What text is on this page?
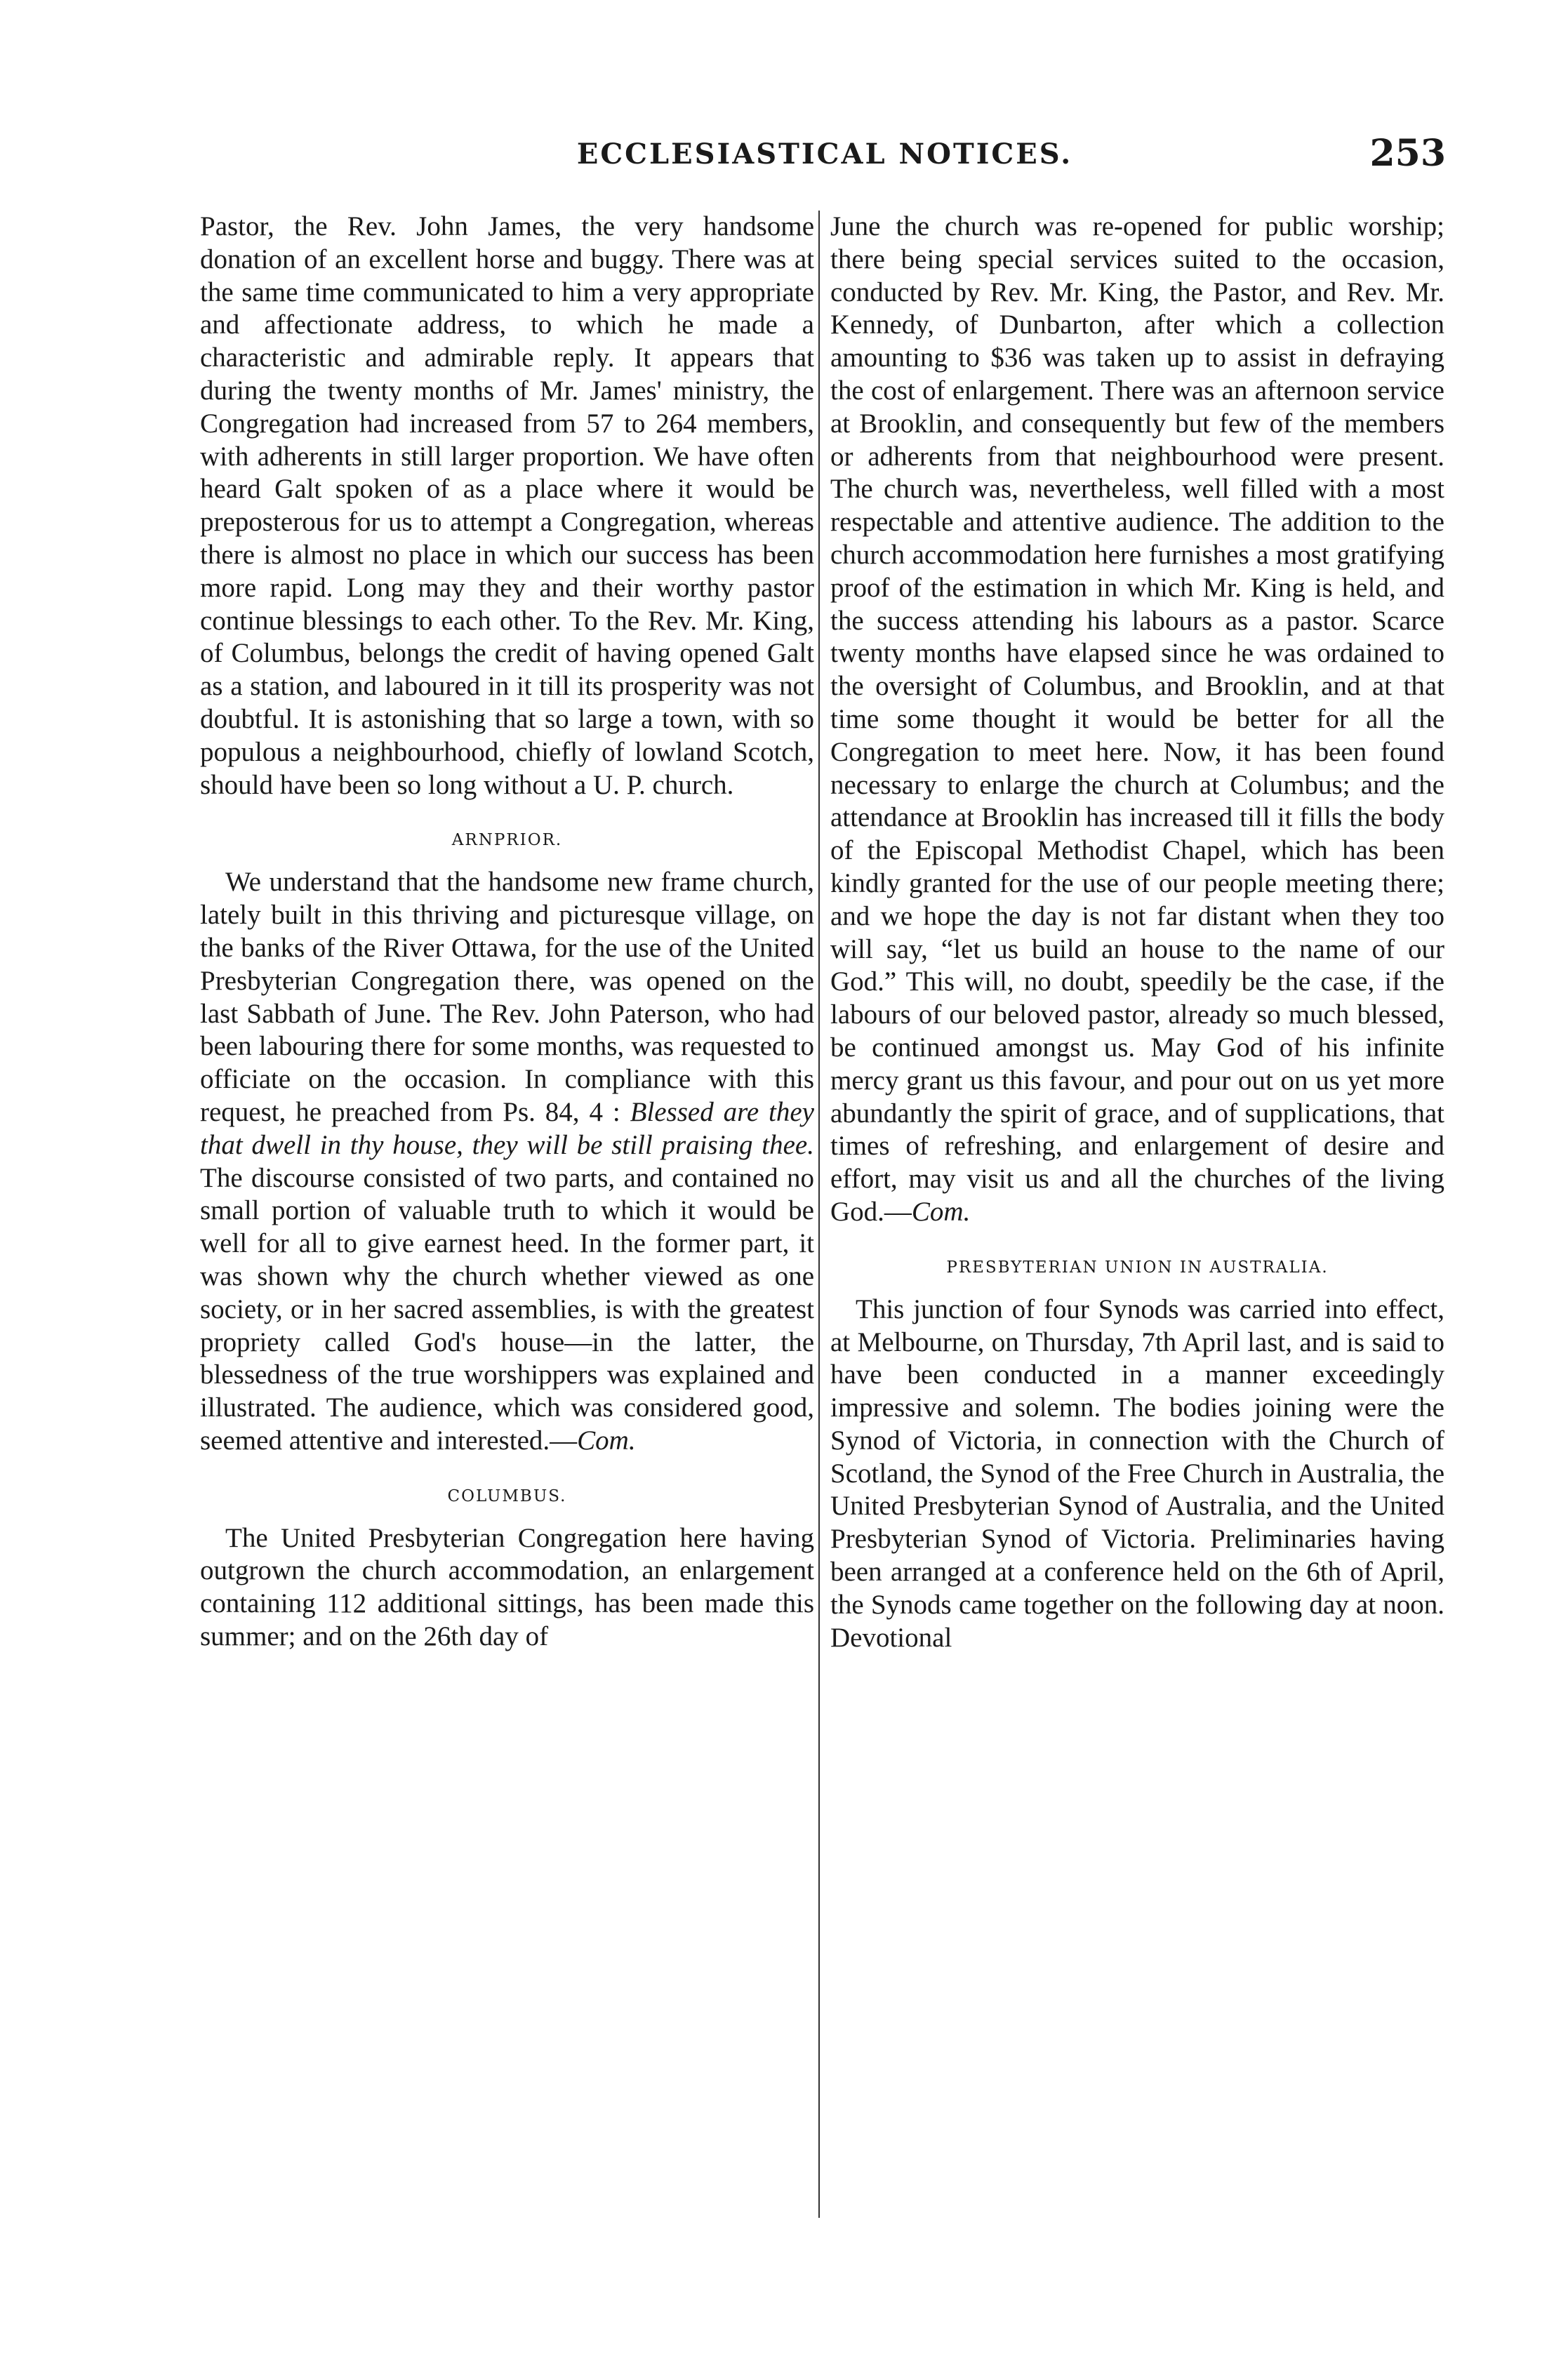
ECCLESIASTICAL NOTICES.	253

Pastor, the Rev. John James, the very handsome donation of an excellent horse and buggy. There was at the same time communicated to him a very appropriate and affectionate address, to which he made a characteristic and admirable reply. It appears that during the twenty months of Mr. James' ministry, the Congregation had increased from 57 to 264 members, with adherents in still larger proportion. We have often heard Galt spoken of as a place where it would be preposterous for us to attempt a Congregation, whereas there is almost no place in which our success has been more rapid. Long may they and their worthy pastor continue blessings to each other. To the Rev. Mr. King, of Columbus, belongs the credit of having opened Galt as a station, and laboured in it till its prosperity was not doubtful. It is astonishing that so large a town, with so populous a neighbourhood, chiefly of lowland Scotch, should have been so long without a U. P. church.

ARNPRIOR.

We understand that the handsome new frame church, lately built in this thriving and picturesque village, on the banks of the River Ottawa, for the use of the United Presbyterian Congregation there, was opened on the last Sabbath of June. The Rev. John Paterson, who had been labouring there for some months, was requested to officiate on the occasion. In compliance with this request, he preached from Ps. 84, 4 : Blessed are they that dwell in thy house, they will be still praising thee. The discourse consisted of two parts, and contained no small portion of valuable truth to which it would be well for all to give earnest heed. In the former part, it was shown why the church whether viewed as one society, or in her sacred assemblies, is with the greatest propriety called God's house—in the latter, the blessedness of the true worshippers was explained and illustrated. The audience, which was considered good, seemed attentive and interested.—Com.

COLUMBUS.

The United Presbyterian Congregation here having outgrown the church accommodation, an enlargement containing 112 additional sittings, has been made this summer; and on the 26th day of

June the church was re-opened for public worship; there being special services suited to the occasion, conducted by Rev. Mr. King, the Pastor, and Rev. Mr. Kennedy, of Dunbarton, after which a collection amounting to $36 was taken up to assist in defraying the cost of enlargement. There was an afternoon service at Brooklin, and consequently but few of the members or adherents from that neighbourhood were present. The church was, nevertheless, well filled with a most respectable and attentive audience. The addition to the church accommodation here furnishes a most gratifying proof of the estimation in which Mr. King is held, and the success attending his labours as a pastor. Scarce twenty months have elapsed since he was ordained to the oversight of Columbus, and Brooklin, and at that time some thought it would be better for all the Congregation to meet here. Now, it has been found necessary to enlarge the church at Columbus; and the attendance at Brooklin has increased till it fills the body of the Episcopal Methodist Chapel, which has been kindly granted for the use of our people meeting there; and we hope the day is not far distant when they too will say, “let us build an house to the name of our God.” This will, no doubt, speedily be the case, if the labours of our beloved pastor, already so much blessed, be continued amongst us. May God of his infinite mercy grant us this favour, and pour out on us yet more abundantly the spirit of grace, and of supplications, that times of refreshing, and enlargement of desire and effort, may visit us and all the churches of the living God.—Com.

PRESBYTERIAN UNION IN AUSTRALIA.

This junction of four Synods was carried into effect, at Melbourne, on Thursday, 7th April last, and is said to have been conducted in a manner exceedingly impressive and solemn. The bodies joining were the Synod of Victoria, in connection with the Church of Scotland, the Synod of the Free Church in Australia, the United Presbyterian Synod of Australia, and the United Presbyterian Synod of Victoria. Preliminaries having been arranged at a conference held on the 6th of April, the Synods came together on the following day at noon. Devotional
